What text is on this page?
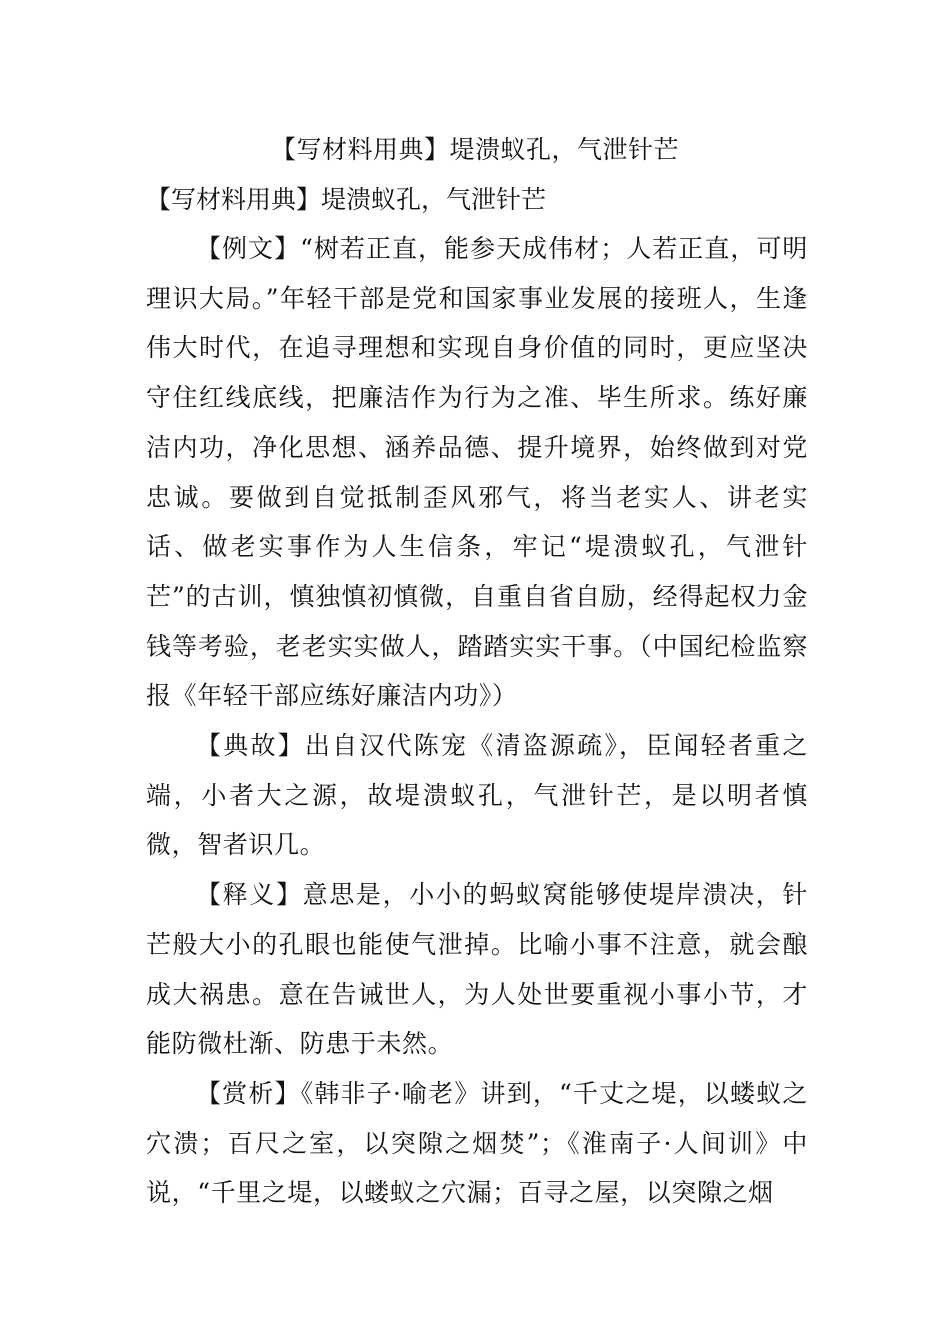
【写材料用典】堤溃蚁孔，气泄针芒
【写材料用典】堤溃蚁孔，气泄针芒

【例文】“树若正直，能参天成伟材；人若正直，可明理识大局。”年轻干部是党和国家事业发展的接班人，生逢伟大时代，在追寻理想和实现自身价值的同时，更应坚决守住红线底线，把廉洁作为行为之准、毕生所求。练好廉洁内功，净化思想、涵养品德、提升境界，始终做到对党忠诚。要做到自觉抵制歪风邪气，将当老实人、讲老实话、做老实事作为人生信条，牢记“堤溃蚁孔，气泄针芒”的古训，慎独慎初慎微，自重自省自励，经得起权力金钱等考验，老老实实做人，踏踏实实干事。（中国纪检监察报《年轻干部应练好廉洁内功》）

【典故】出自汉代陈宠《清盗源疏》，臣闻轻者重之端，小者大之源，故堤溃蚁孔，气泄针芒，是以明者慎微，智者识几。

【释义】意思是，小小的蚂蚁窝能够使堤岸溃决，针芒般大小的孔眼也能使气泄掉。比喻小事不注意，就会酿成大祸患。意在告诫世人，为人处世要重视小事小节，才能防微杜渐、防患于未然。

【赏析】《韩非子·喻老》讲到，“千丈之堤，以蝼蚁之穴溃；百尺之室，以突隙之烟焚”；《淮南子·人间训》中说，“千里之堤，以蝼蚁之穴漏；百寻之屋，以突隙之烟
